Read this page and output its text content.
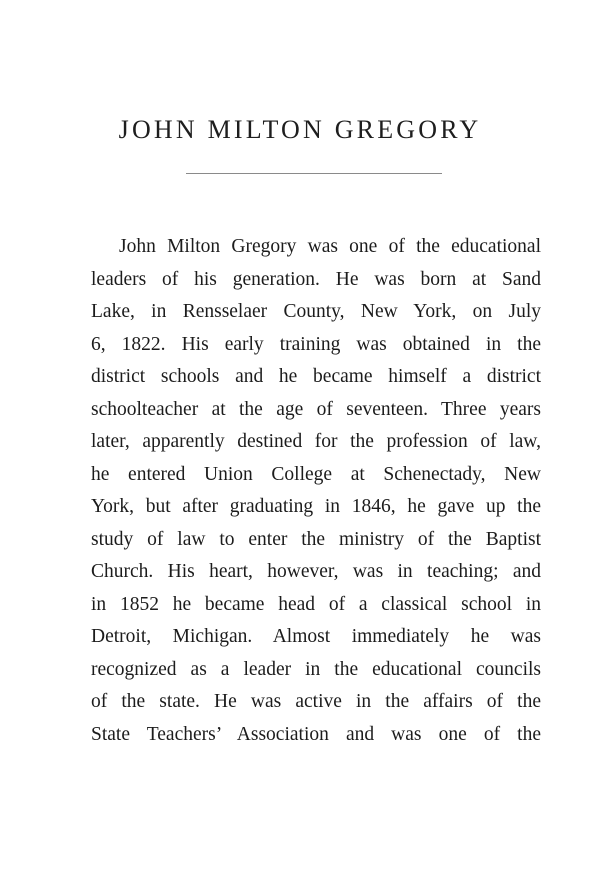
JOHN MILTON GREGORY
John Milton Gregory was one of the educational
leaders of his generation. He was born at Sand
Lake, in Rensselaer County, New York, on July
6, 1822. His early training was obtained in the
district schools and he became himself a district
schoolteacher at the age of seventeen. Three years
later, apparently destined for the profession of law,
he entered Union College at Schenectady, New
York, but after graduating in 1846, he gave up the
study of law to enter the ministry of the Baptist
Church. His heart, however, was in teaching; and
in 1852 he became head of a classical school in
Detroit, Michigan. Almost immediately he was
recognized as a leader in the educational councils
of the state. He was active in the affairs of the
State Teachers’ Association and was one of the
